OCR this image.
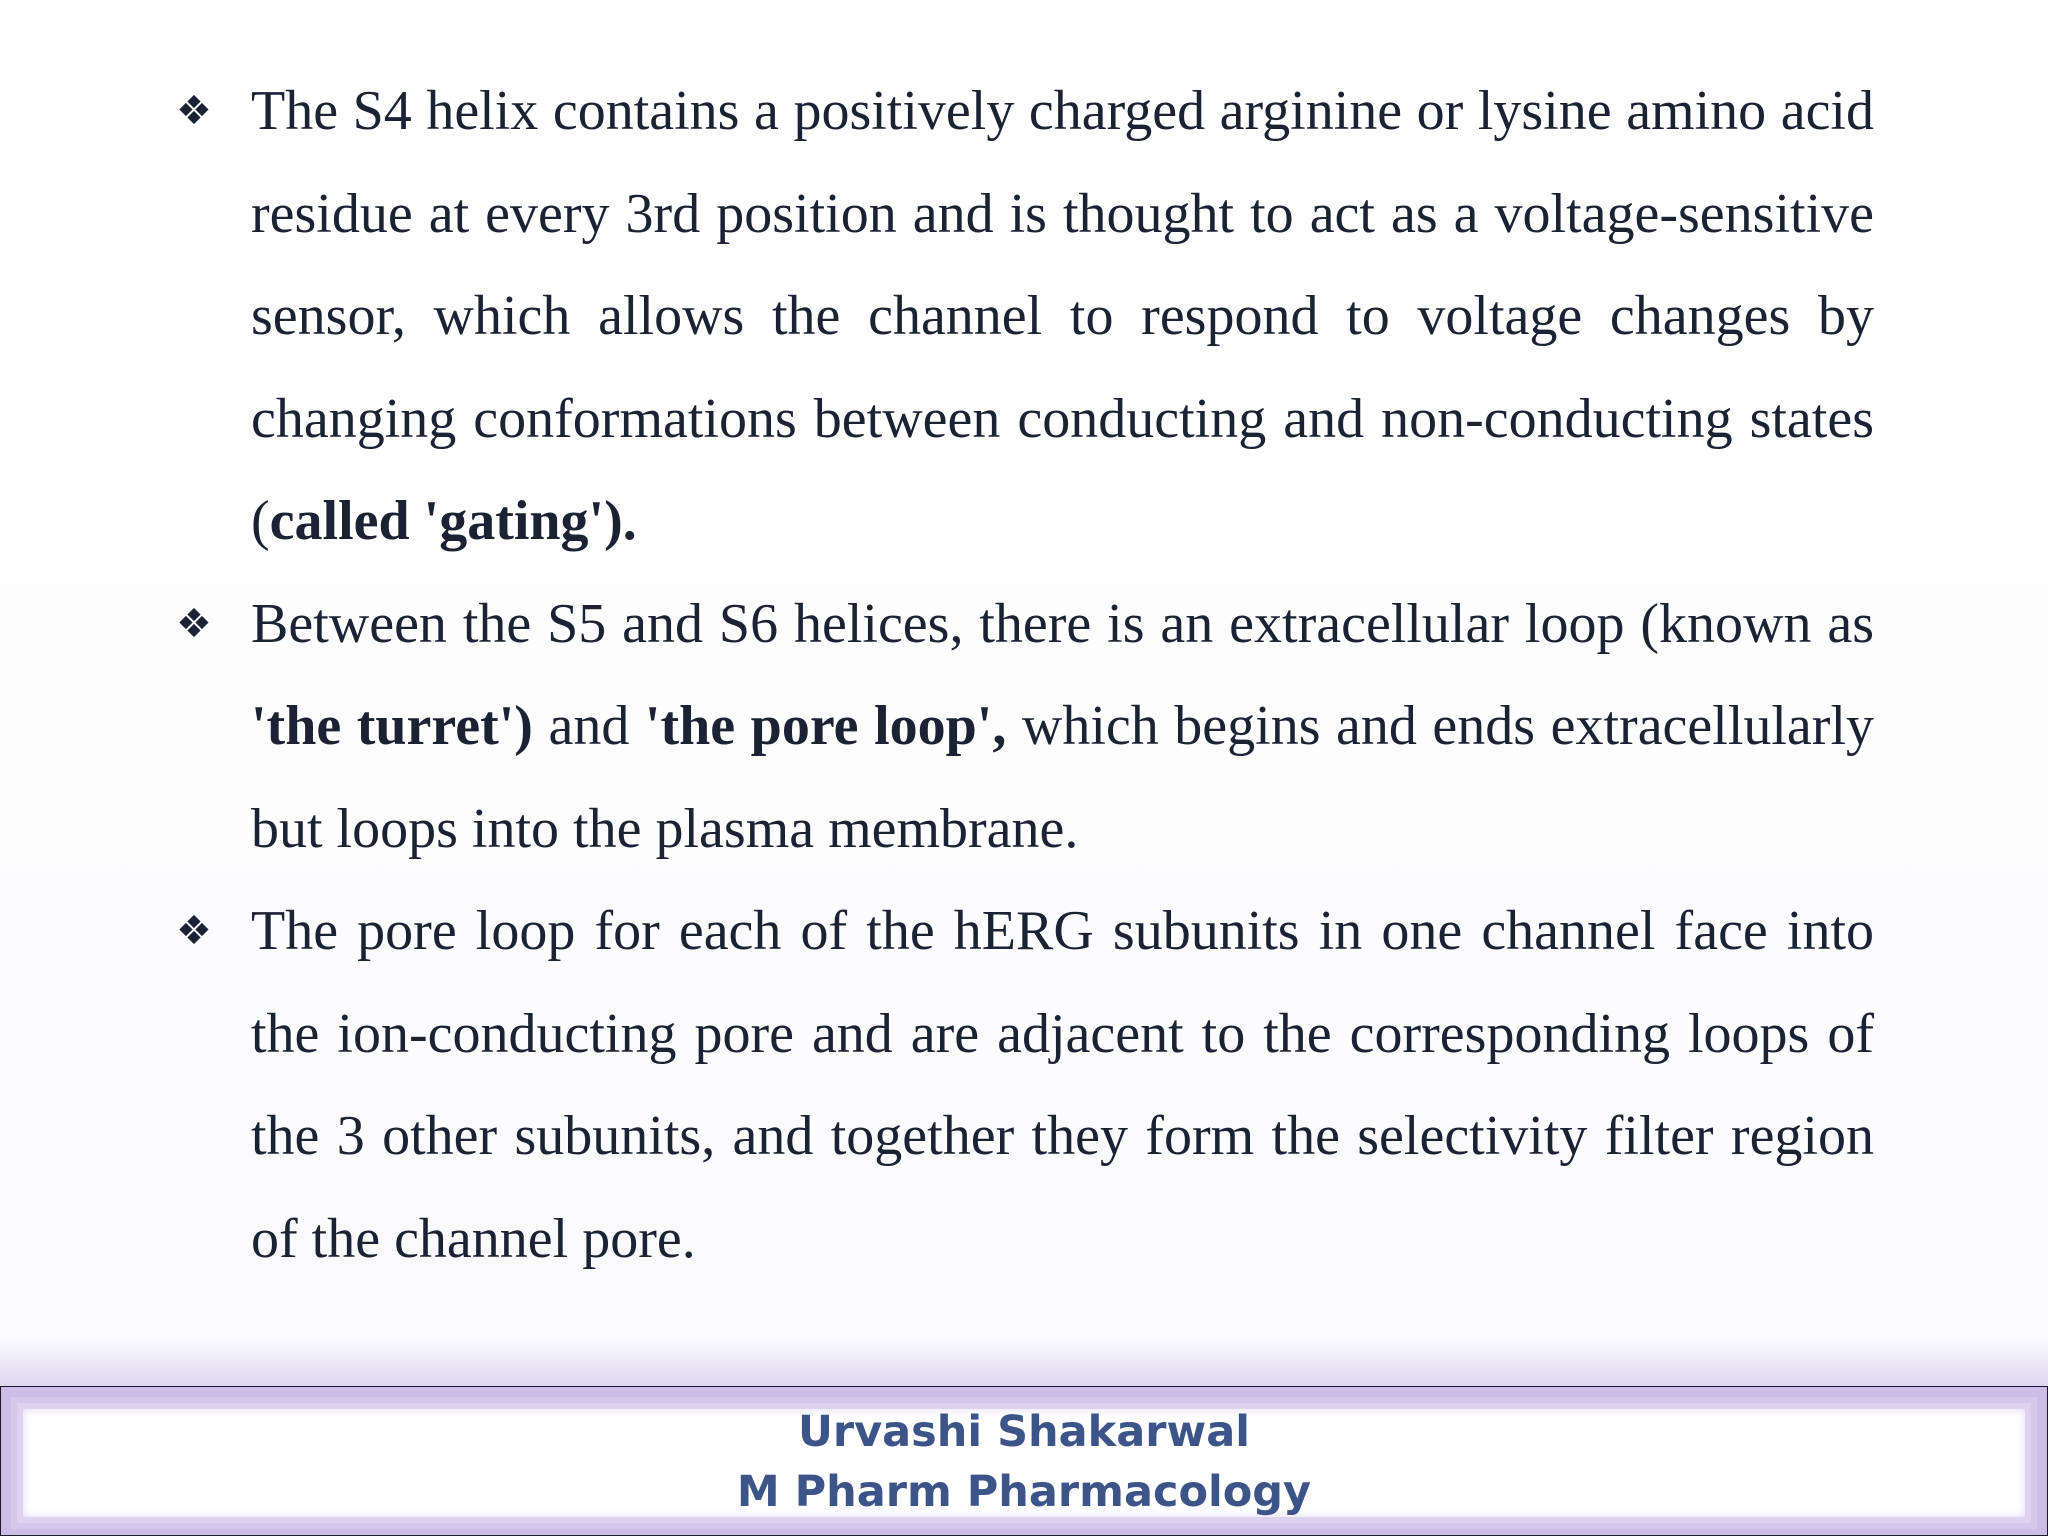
❖ The S4 helix contains a positively charged arginine or lysine amino acid residue at every 3rd position and is thought to act as a voltage-sensitive sensor, which allows the channel to respond to voltage changes by changing conformations between conducting and non-conducting states (called 'gating').
❖ Between the S5 and S6 helices, there is an extracellular loop (known as 'the turret') and 'the pore loop', which begins and ends extracellularly but loops into the plasma membrane.
❖ The pore loop for each of the hERG subunits in one channel face into the ion-conducting pore and are adjacent to the corresponding loops of the 3 other subunits, and together they form the selectivity filter region of the channel pore.
Urvashi Shakarwal
M Pharm Pharmacology
